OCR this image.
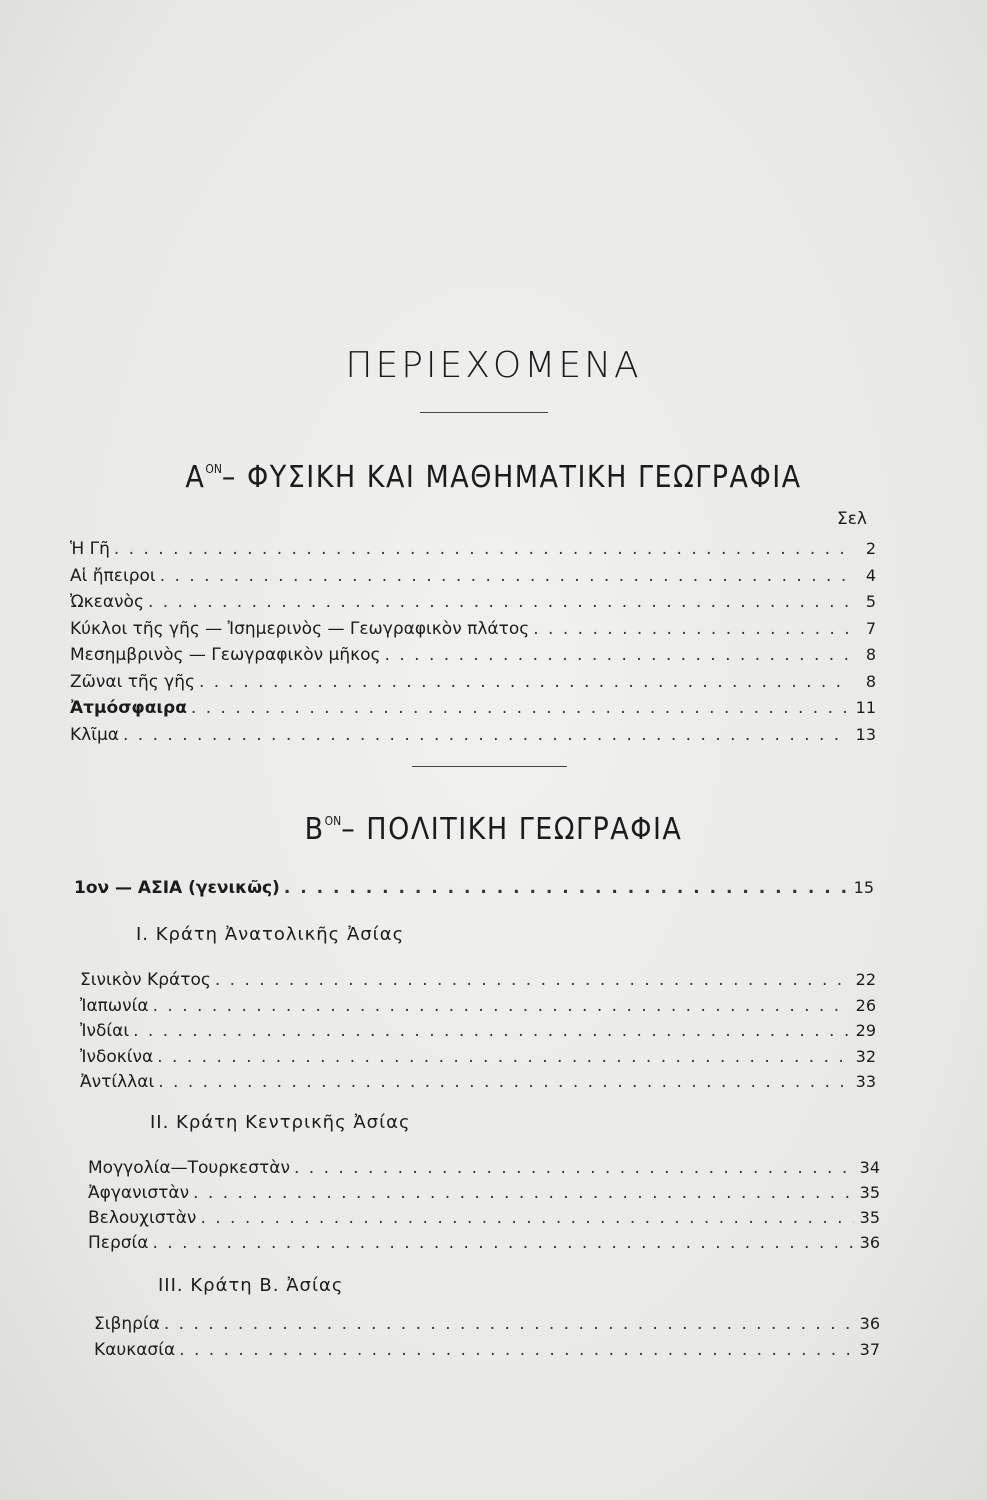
ΠΕΡΙΕΧΟΜΕΝΑ
$A^{ON}-$ ΦΥΣΙΚΗ ΚΑΙ ΜΑΘΗΜΑΤΙΚΗ ΓΕΩΓΡΑΦΙΑ
Σελ
Ἡ Γῆ . . .	2
Αἱ ἤπειροι . . .	4
Ὠκεανὸς . . .	5
Κύκλοι τῆς γῆς — Ἰσημερινὸς — Γεωγραφικὸν πλάτος . . .	7
Μεσημβρινὸς — Γεωγραφικὸν μῆκος . . .	8
Ζῶναι τῆς γῆς . . .	8
Ἀτμόσφαιρα . . .	11
Κλῖμα . . .	13
$B^{ON}-$ ΠΟΛΙΤΙΚΗ ΓΕΩΓΡΑΦΙΑ
1ον — ΑΣΙΑ (γενικῶς) . . .	15
Ι. Κράτη Ἀνατολικῆς Ἀσίας
Σινικὸν Κράτος . . .	22
Ἰαπωνία . . .	26
Ἰνδίαι . . .	29
Ἰνδοκίνα . . .	32
Ἀντίλλαι . . .	33
ΙΙ. Κράτη Κεντρικῆς Ἀσίας
Μογγολία—Τουρκεστὰν . . .	34
Ἀφγανιστὰν . . .	35
Βελουχιστὰν . . .	35
Περσία . . .	36
ΙΙΙ. Κράτη Β. Ἀσίας
Σιβηρία . . .	36
Καυκασία . . .	37
